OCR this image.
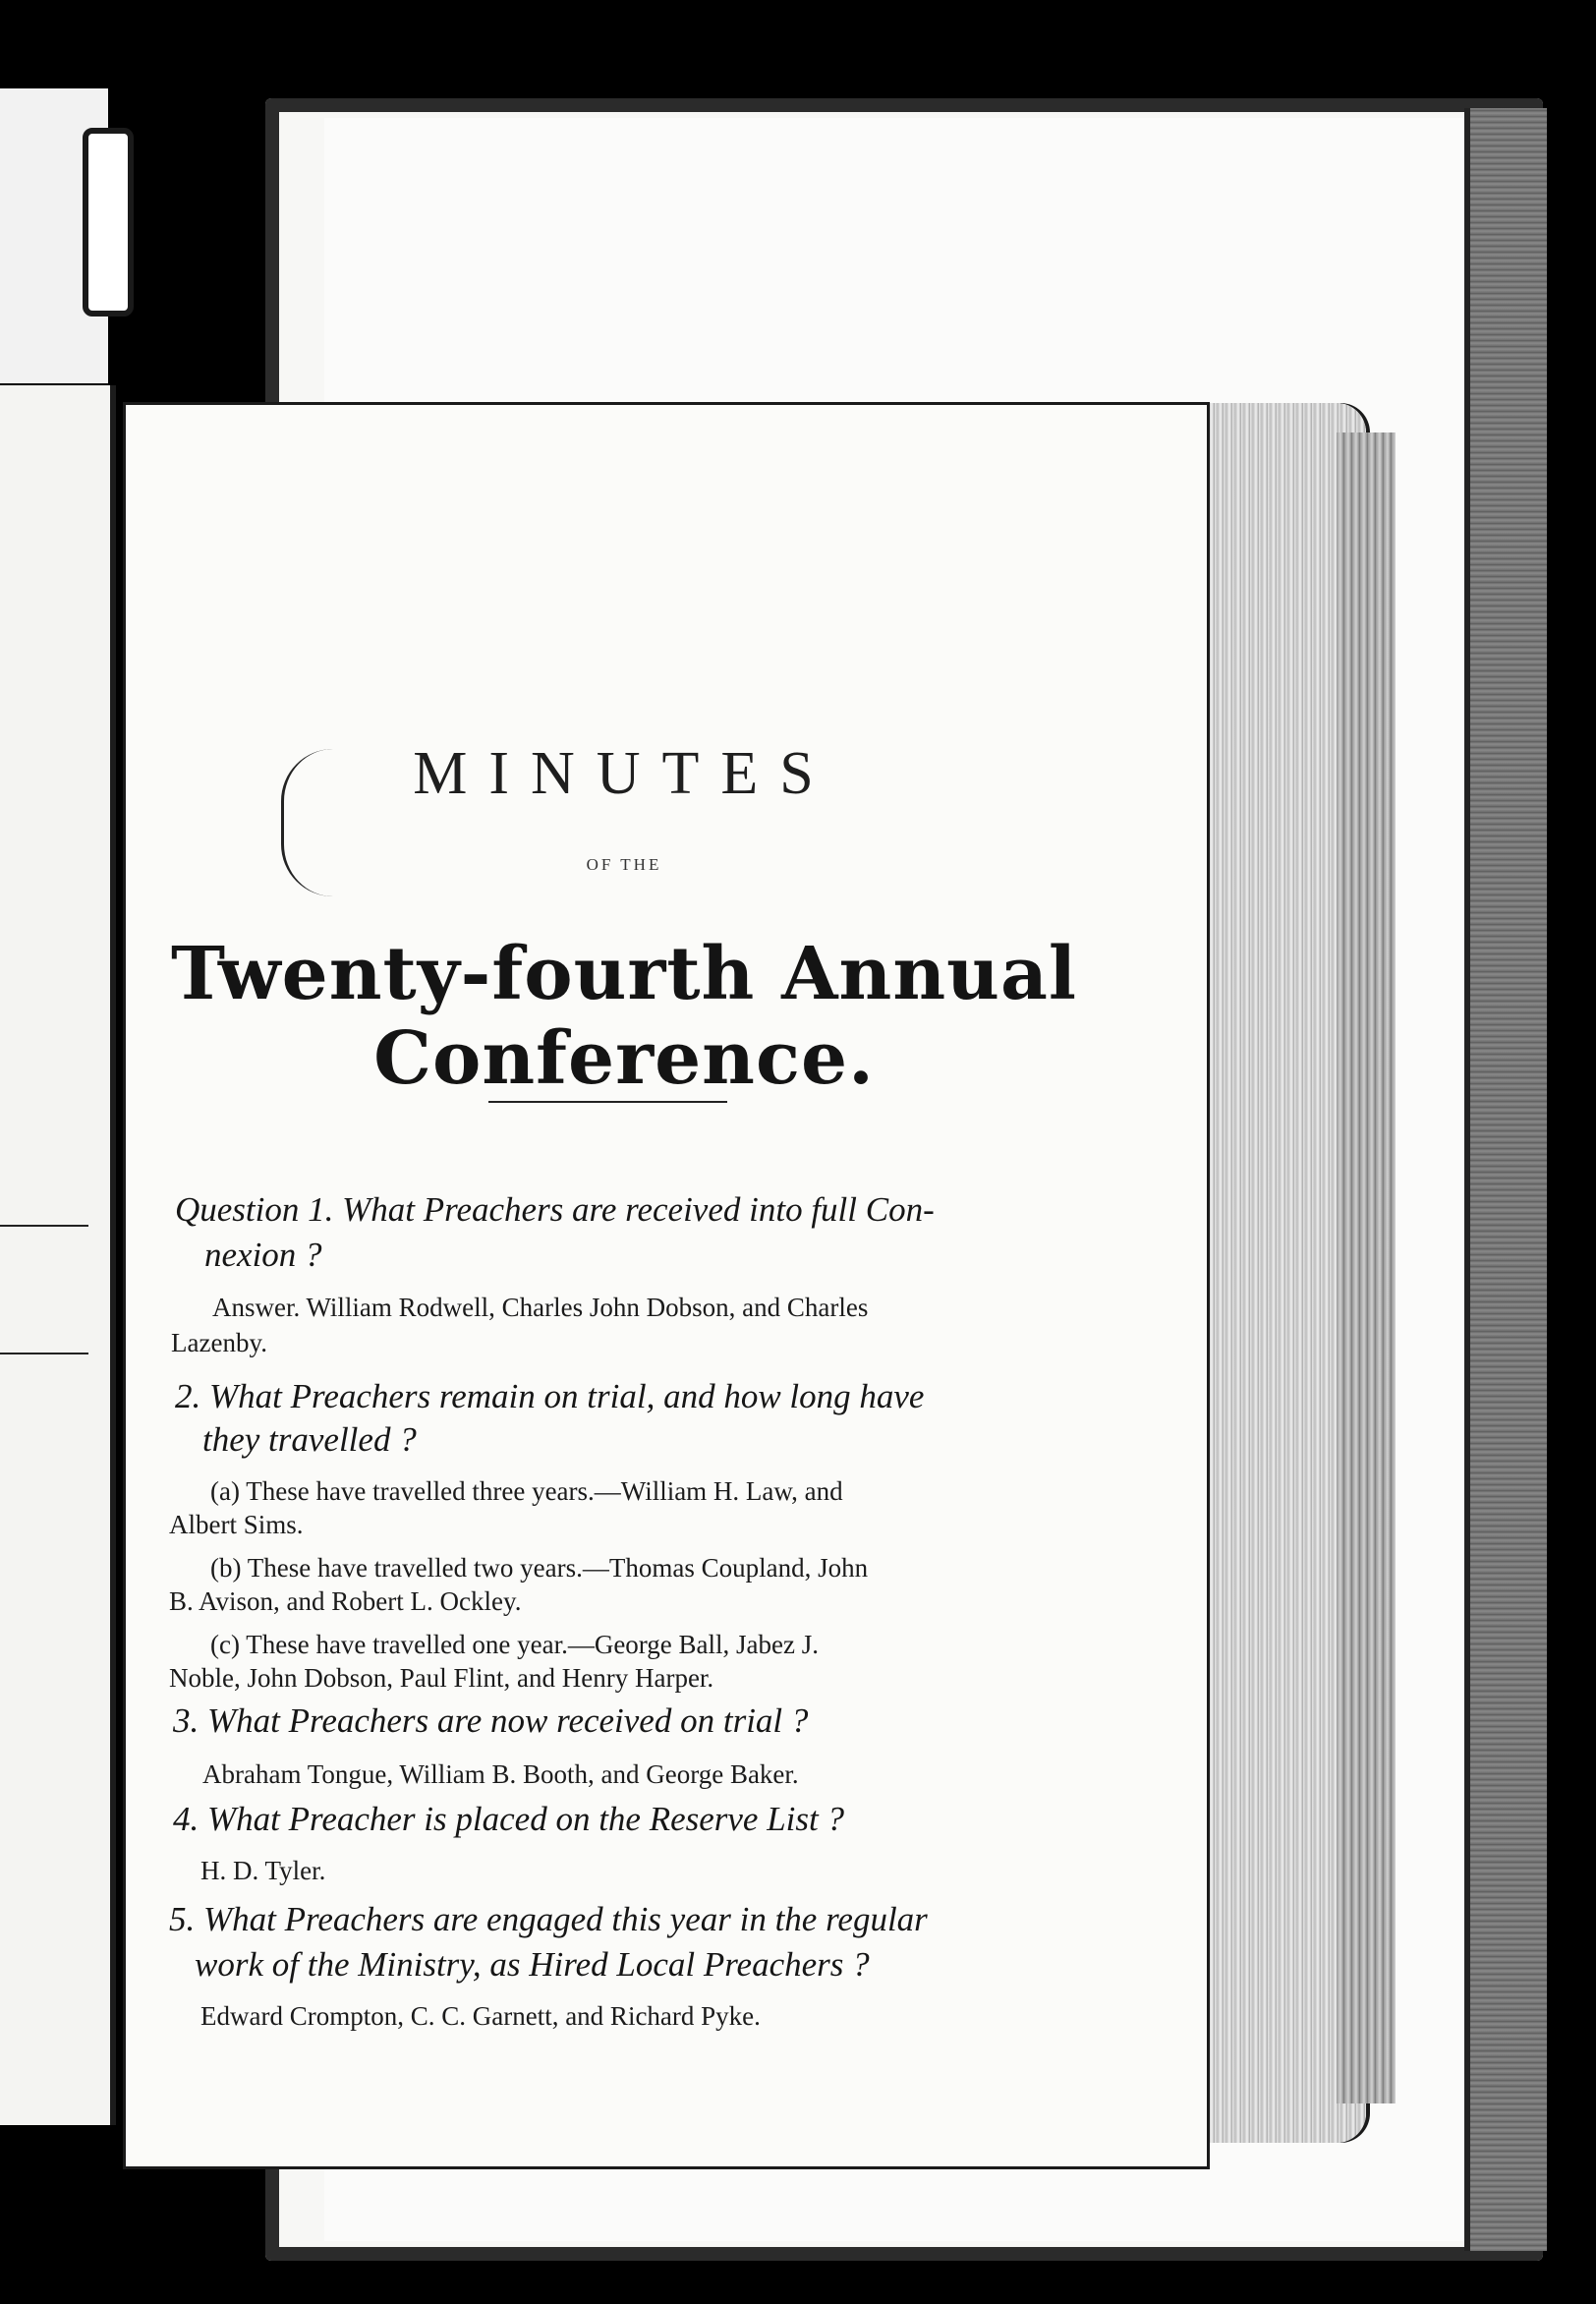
MINUTES
OF THE
Twenty-fourth Annual Conference.
Question 1. What Preachers are received into full Con-
nexion ?
Answer. William Rodwell, Charles John Dobson, and Charles
Lazenby.
2. What Preachers remain on trial, and how long have
they travelled ?
(a) These have travelled three years.—William H. Law, and
Albert Sims.
(b) These have travelled two years.—Thomas Coupland, John
B. Avison, and Robert L. Ockley.
(c) These have travelled one year.—George Ball, Jabez J.
Noble, John Dobson, Paul Flint, and Henry Harper.
3. What Preachers are now received on trial ?
Abraham Tongue, William B. Booth, and George Baker.
4. What Preacher is placed on the Reserve List ?
H. D. Tyler.
5. What Preachers are engaged this year in the regular
work of the Ministry, as Hired Local Preachers ?
Edward Crompton, C. C. Garnett, and Richard Pyke.
